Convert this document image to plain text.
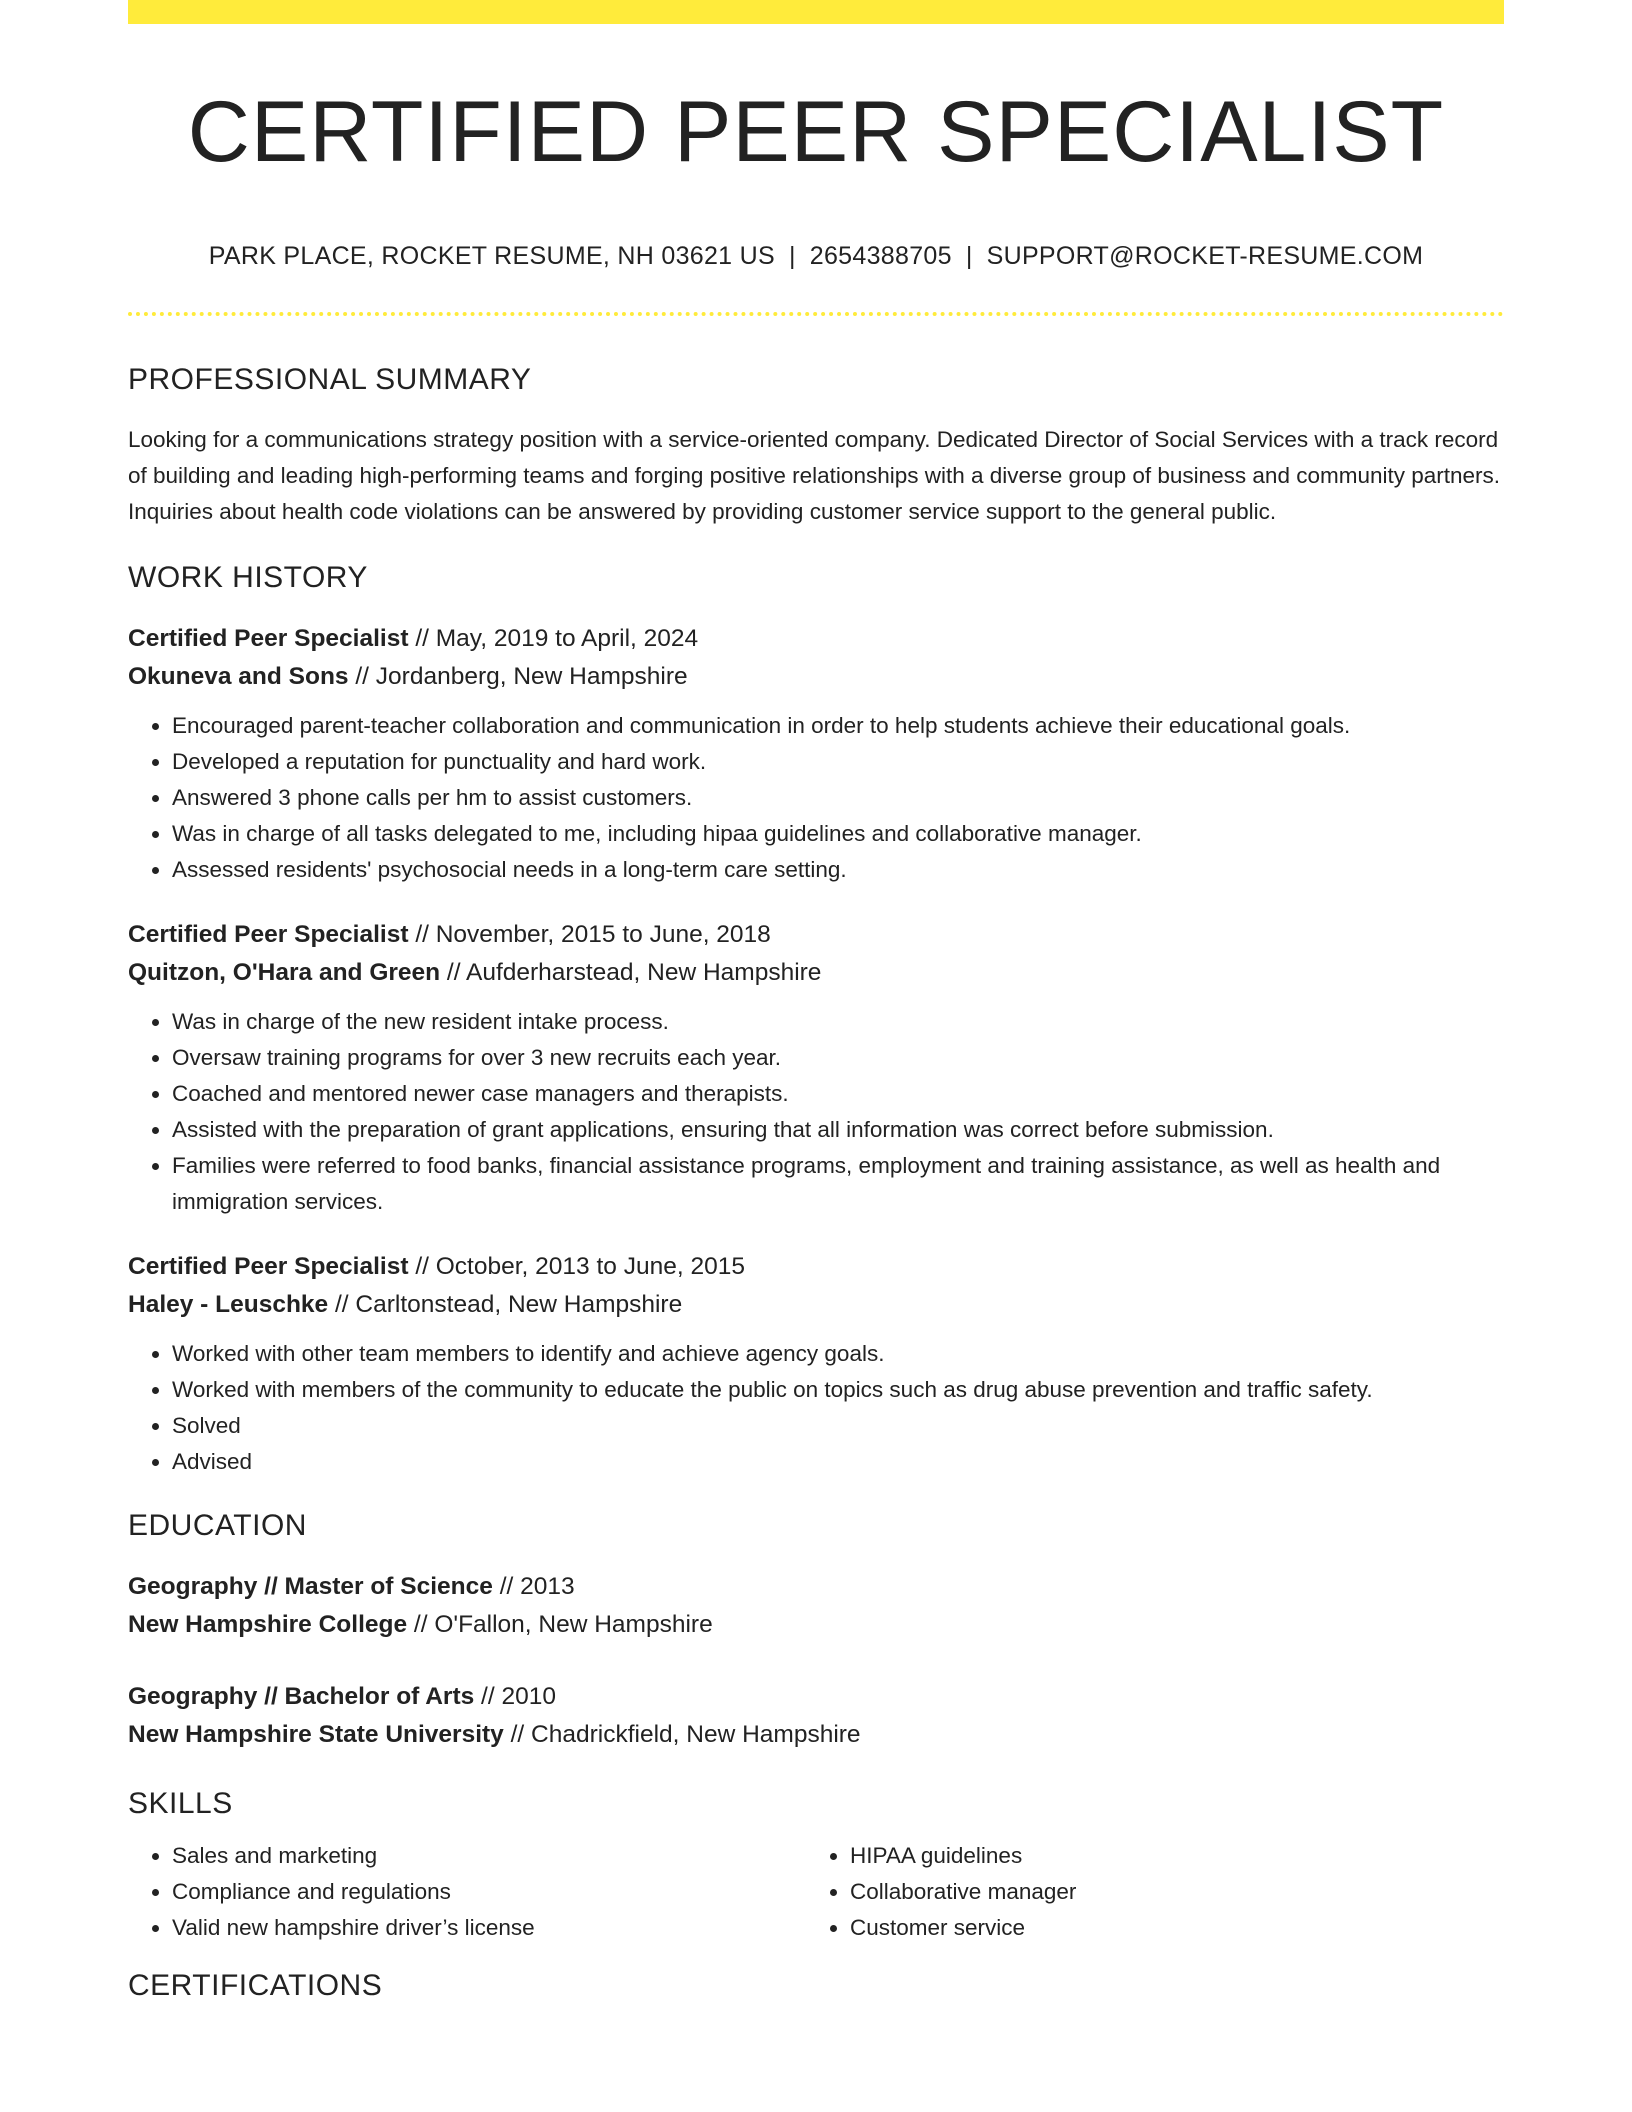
CERTIFIED PEER SPECIALIST
PARK PLACE, ROCKET RESUME, NH 03621 US | 2654388705 | SUPPORT@ROCKET-RESUME.COM
PROFESSIONAL SUMMARY

Looking for a communications strategy position with a service-oriented company. Dedicated Director of Social Services with a track record of building and leading high-performing teams and forging positive relationships with a diverse group of business and community partners. Inquiries about health code violations can be answered by providing customer service support to the general public.

WORK HISTORY
Certified Peer Specialist // May, 2019 to April, 2024
Okuneva and Sons // Jordanberg, New Hampshire
• Encouraged parent-teacher collaboration and communication in order to help students achieve their educational goals.
• Developed a reputation for punctuality and hard work.
• Answered 3 phone calls per hm to assist customers.
• Was in charge of all tasks delegated to me, including hipaa guidelines and collaborative manager.
• Assessed residents' psychosocial needs in a long-term care setting.
Certified Peer Specialist // November, 2015 to June, 2018
Quitzon, O'Hara and Green // Aufderharstead, New Hampshire
• Was in charge of the new resident intake process.
• Oversaw training programs for over 3 new recruits each year.
• Coached and mentored newer case managers and therapists.
• Assisted with the preparation of grant applications, ensuring that all information was correct before submission.
• Families were referred to food banks, financial assistance programs, employment and training assistance, as well as health and immigration services.
Certified Peer Specialist // October, 2013 to June, 2015
Haley - Leuschke // Carltonstead, New Hampshire
• Worked with other team members to identify and achieve agency goals.
• Worked with members of the community to educate the public on topics such as drug abuse prevention and traffic safety.
• Solved
• Advised
EDUCATION
Geography // Master of Science // 2013
New Hampshire College // O'Fallon, New Hampshire
Geography // Bachelor of Arts // 2010
New Hampshire State University // Chadrickfield, New Hampshire
SKILLS
• Sales and marketing
• Compliance and regulations
• Valid new hampshire driver’s license
• HIPAA guidelines
• Collaborative manager
• Customer service
CERTIFICATIONS
